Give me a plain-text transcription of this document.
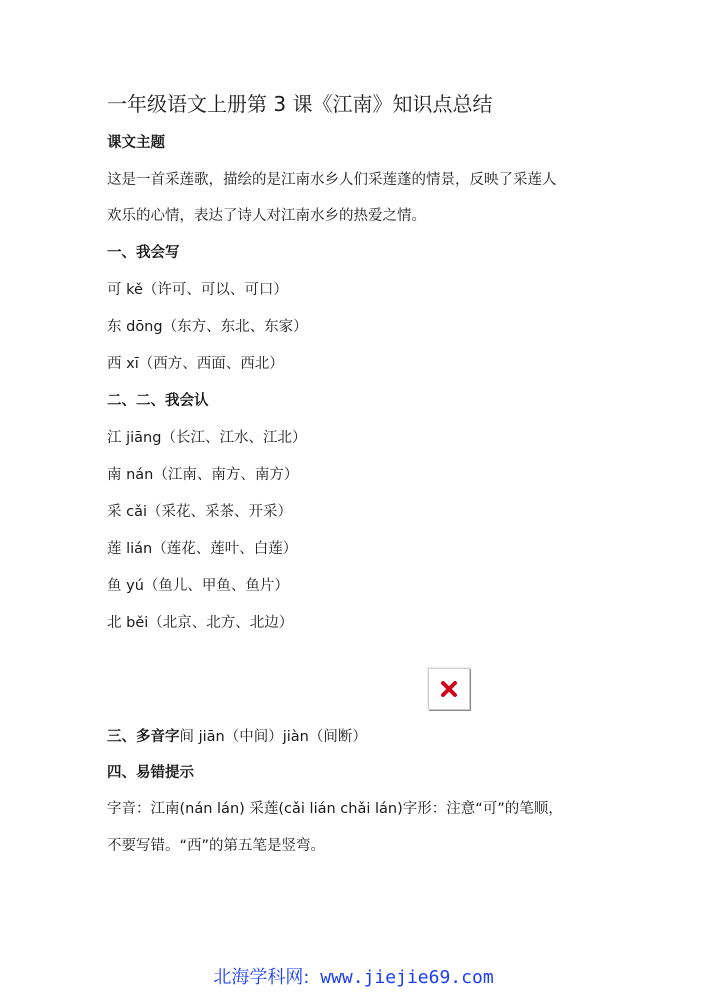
一年级语文上册第 3 课《江南》知识点总结
课文主题
这是一首采莲歌，描绘的是江南水乡人们采莲蓬的情景，反映了采莲人
欢乐的心情，表达了诗人对江南水乡的热爱之情。
一、我会写
可 kě（许可、可以、可口）
东 dōng（东方、东北、东家）
西 xī（西方、西面、西北）
二、二、我会认
江 jiāng（长江、江水、江北）
南 nán（江南、南方、南方）
采 cǎi（采花、采茶、开采）
莲 lián（莲花、莲叶、白莲）
鱼 yú（鱼儿、甲鱼、鱼片）
北 běi（北京、北方、北边）
三、多音字间 jiān（中间）jiàn（间断）
四、易错提示
字音：江南(nán lán) 采莲(cǎi lián chǎi lán)字形：注意“可”的笔顺，
不要写错。“西”的第五笔是竖弯。
北海学科网: www.jiejie69.com
